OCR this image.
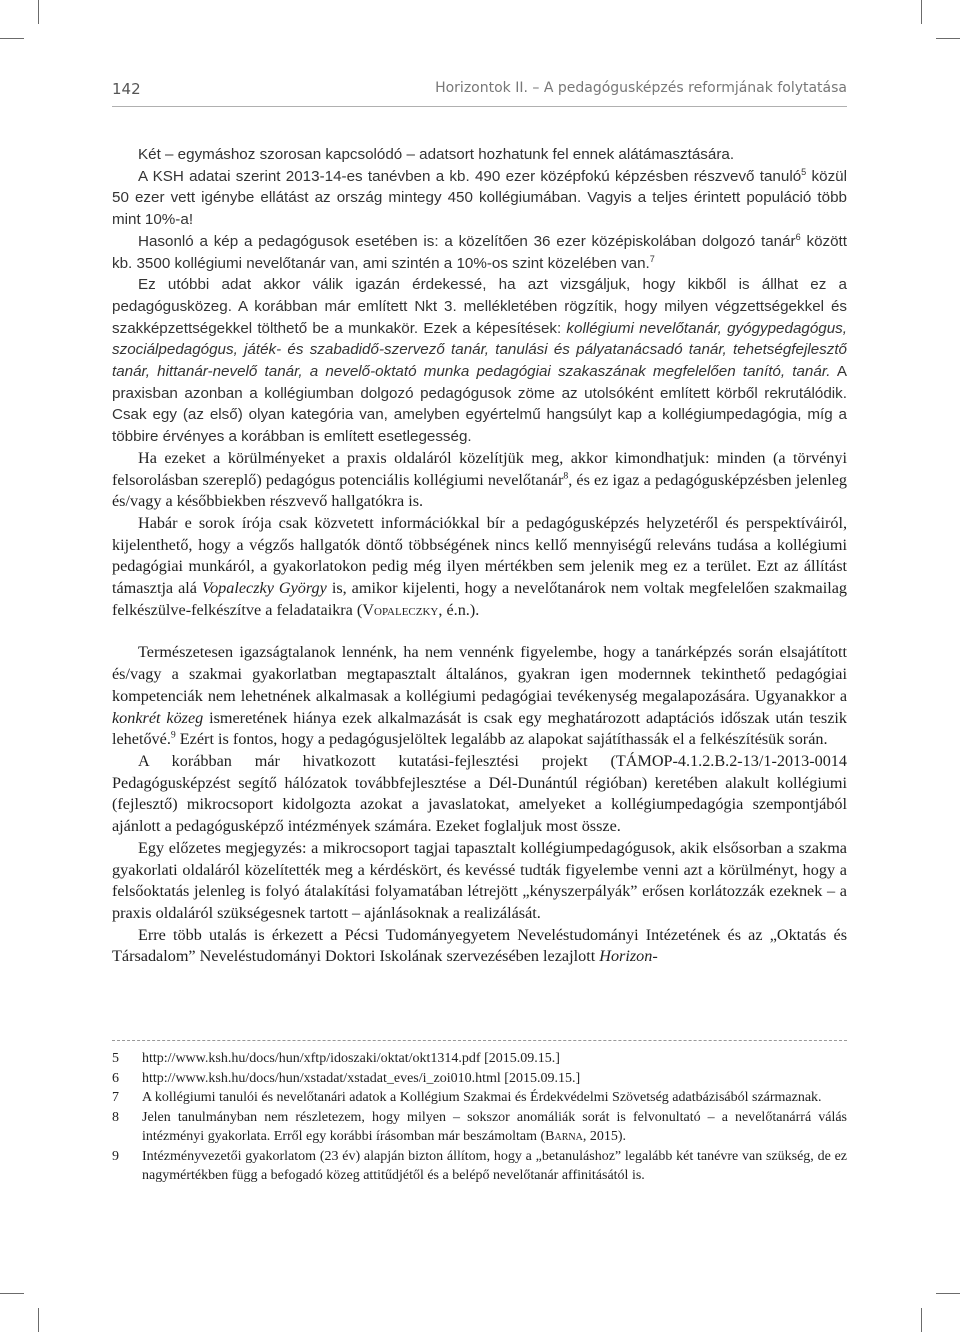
142	Horizontok II. – A pedagógusképzés reformjának folytatása

Két – egymáshoz szorosan kapcsolódó – adatsort hozhatunk fel ennek alátámasztására.

A KSH adatai szerint 2013-14-es tanévben a kb. 490 ezer középfokú képzésben részvevő tanuló$^5$ közül 50 ezer vett igénybe ellátást az ország mintegy 450 kollégiumában. Vagyis a teljes érintett populáció több mint 10%-a!

Hasonló a kép a pedagógusok esetében is: a közelítően 36 ezer középiskolában dolgozó tanár$^6$ között kb. 3500 kollégiumi nevelőtanár van, ami szintén a 10%-os szint közelében van.$^7$

Ez utóbbi adat akkor válik igazán érdekessé, ha azt vizsgáljuk, hogy kikből is állhat ez a pedagógusközeg. A korábban már említett Nkt 3. mellékletében rögzítik, hogy milyen végzettségekkel és szakképzettségekkel tölthető be a munkakör. Ezek a képesítések: kollégiumi nevelőtanár, gyógypedagógus, szociálpedagógus, játék- és szabadidő-szervező tanár, tanulási és pályatanácsadó tanár, tehetségfejlesztő tanár, hittanár-nevelő tanár, a nevelő-oktató munka pedagógiai szakaszának megfelelően tanító, tanár. A praxisban azonban a kollégiumban dolgozó pedagógusok zöme az utolsóként említett körből rekrutálódik. Csak egy (az első) olyan kategória van, amelyben egyértelmű hangsúlyt kap a kollégiumpedagógia, míg a többire érvényes a korábban is említett esetlegesség.

Ha ezeket a körülményeket a praxis oldaláról közelítjük meg, akkor kimondhatjuk: minden (a törvényi felsorolásban szereplő) pedagógus potenciális kollégiumi nevelőtanár$^8$, és ez igaz a pedagógusképzésben jelenleg és/vagy a későbbiekben részvevő hallgatókra is.

Habár e sorok írója csak közvetett információkkal bír a pedagógusképzés helyzetéről és perspektíváiról, kijelenthető, hogy a végzős hallgatók döntő többségének nincs kellő mennyiségű releváns tudása a kollégiumi pedagógiai munkáról, a gyakorlatokon pedig még ilyen mértékben sem jelenik meg ez a terület. Ezt az állítást támasztja alá Vopaleczky György is, amikor kijelenti, hogy a nevelőtanárok nem voltak megfelelően szakmailag felkészülve-felkészítve a feladataikra (Vopaleczky, é.n.).

Természetesen igazságtalanok lennénk, ha nem vennénk figyelembe, hogy a tanárképzés során elsajátított és/vagy a szakmai gyakorlatban megtapasztalt általános, gyakran igen modernnek tekinthető pedagógiai kompetenciák nem lehetnének alkalmasak a kollégiumi pedagógiai tevékenység megalapozására. Ugyanakkor a konkrét közeg ismeretének hiánya ezek alkalmazását is csak egy meghatározott adaptációs időszak után teszik lehetővé.$^9$ Ezért is fontos, hogy a pedagógusjelöltek legalább az alapokat sajátíthassák el a felkészítésük során.

A korábban már hivatkozott kutatási-fejlesztési projekt (TÁMOP-4.1.2.B.2-13/1-2013-0014 Pedagógusképzést segítő hálózatok továbbfejlesztése a Dél-Dunántúl régióban) keretében alakult kollégiumi (fejlesztő) mikrocsoport kidolgozta azokat a javaslatokat, amelyeket a kollégiumpedagógia szempontjából ajánlott a pedagógusképző intézmények számára. Ezeket foglaljuk most össze.

Egy előzetes megjegyzés: a mikrocsoport tagjai tapasztalt kollégiumpedagógusok, akik elsősorban a szakma gyakorlati oldaláról közelítették meg a kérdéskört, és kevéssé tudták figyelembe venni azt a körülményt, hogy a felsőoktatás jelenleg is folyó átalakítási folyamatában létrejött „kényszerpályák” erősen korlátozzák ezeknek – a praxis oldaláról szükségesnek tartott – ajánlásoknak a realizálását.

Erre több utalás is érkezett a Pécsi Tudományegyetem Neveléstudományi Intézetének és az „Oktatás és Társadalom” Neveléstudományi Doktori Iskolának szervezésében lezajlott Horizon-

5	http://www.ksh.hu/docs/hun/xftp/idoszaki/oktat/okt1314.pdf [2015.09.15.]
6	http://www.ksh.hu/docs/hun/xstadat/xstadat_eves/i_zoi010.html [2015.09.15.]
7	A kollégiumi tanulói és nevelőtanári adatok a Kollégium Szakmai és Érdekvédelmi Szövetség adatbázisából származnak.
8	Jelen tanulmányban nem részletezem, hogy milyen – sokszor anomáliák sorát is felvonultató – a nevelőtanárrá válás intézményi gyakorlata. Erről egy korábbi írásomban már beszámoltam (Barna, 2015).
9	Intézményvezetői gyakorlatom (23 év) alapján bizton állítom, hogy a „betanuláshoz” legalább két tanévre van szükség, de ez nagymértékben függ a befogadó közeg attitűdjétől és a belépő nevelőtanár affinitásától is.
